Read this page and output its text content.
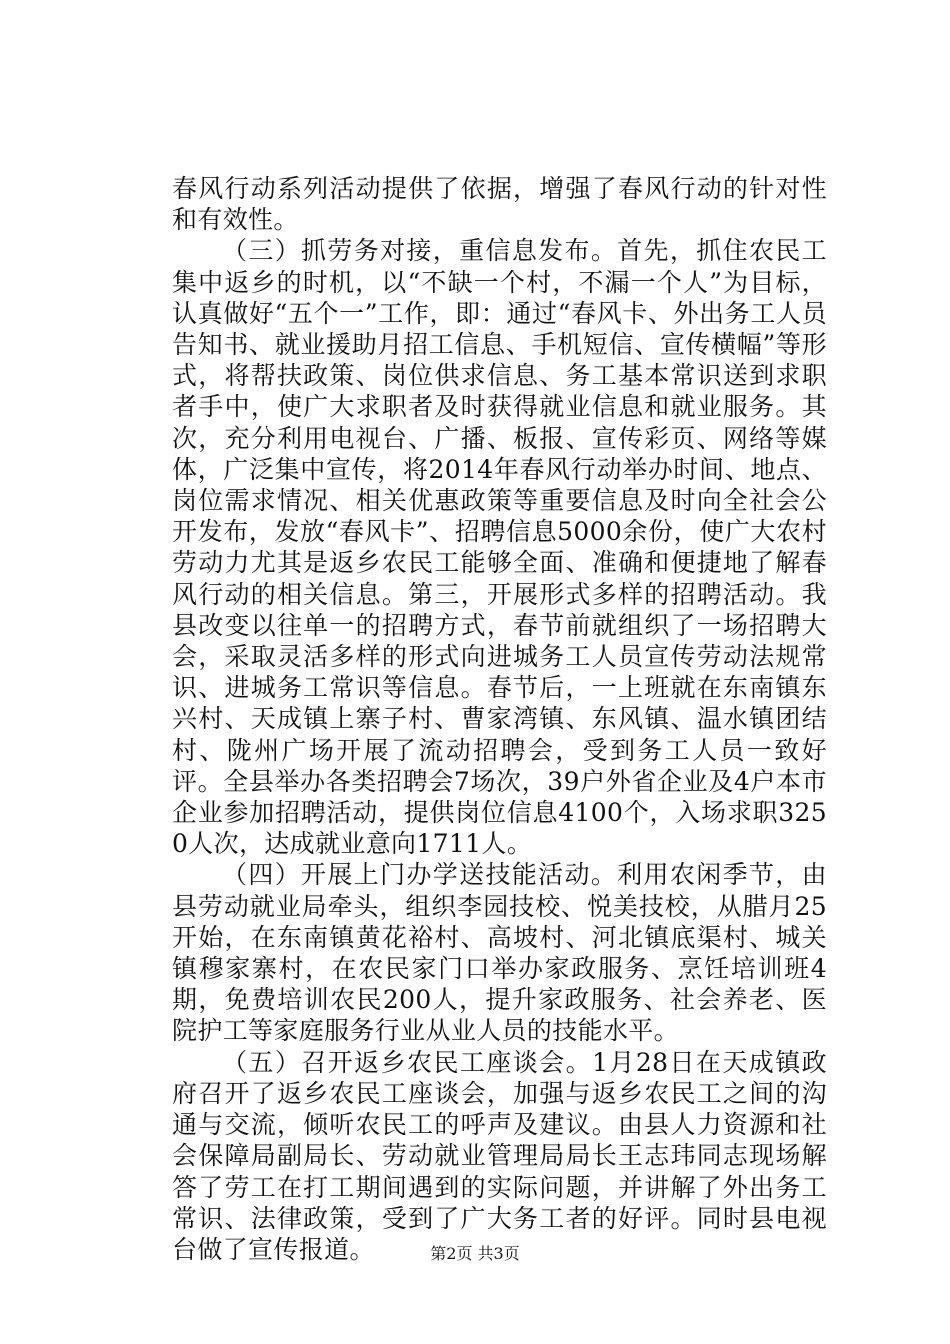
春风行动系列活动提供了依据，增强了春风行动的针对性和有效性。

（三）抓劳务对接，重信息发布。首先，抓住农民工集中返乡的时机，以“不缺一个村，不漏一个人”为目标，认真做好“五个一”工作，即：通过“春风卡、外出务工人员告知书、就业援助月招工信息、手机短信、宣传横幅”等形式，将帮扶政策、岗位供求信息、务工基本常识送到求职者手中，使广大求职者及时获得就业信息和就业服务。其次，充分利用电视台、广播、板报、宣传彩页、网络等媒体，广泛集中宣传，将2014年春风行动举办时间、地点、岗位需求情况、相关优惠政策等重要信息及时向全社会公开发布，发放“春风卡”、招聘信息5000余份，使广大农村劳动力尤其是返乡农民工能够全面、准确和便捷地了解春风行动的相关信息。第三，开展形式多样的招聘活动。我县改变以往单一的招聘方式，春节前就组织了一场招聘大会，采取灵活多样的形式向进城务工人员宣传劳动法规常识、进城务工常识等信息。春节后，一上班就在东南镇东兴村、天成镇上寨子村、曹家湾镇、东风镇、温水镇团结村、陇州广场开展了流动招聘会，受到务工人员一致好评。全县举办各类招聘会7场次，39户外省企业及4户本市企业参加招聘活动，提供岗位信息4100个，入场求职3250人次，达成就业意向1711人。

（四）开展上门办学送技能活动。利用农闲季节，由县劳动就业局牵头，组织李园技校、悦美技校，从腊月25开始，在东南镇黄花裕村、高坡村、河北镇底渠村、城关镇穆家寨村，在农民家门口举办家政服务、烹饪培训班4期，免费培训农民200人，提升家政服务、社会养老、医院护工等家庭服务行业从业人员的技能水平。

（五）召开返乡农民工座谈会。1月28日在天成镇政府召开了返乡农民工座谈会，加强与返乡农民工之间的沟通与交流，倾听农民工的呼声及建议。由县人力资源和社会保障局副局长、劳动就业管理局局长王志玮同志现场解答了劳工在打工期间遇到的实际问题，并讲解了外出务工常识、法律政策，受到了广大务工者的好评。同时县电视台做了宣传报道。	第2页 共3页
